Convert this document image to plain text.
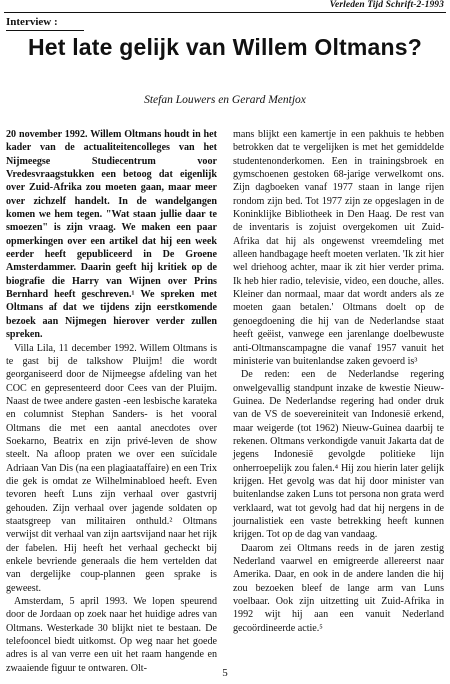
Verleden Tijd Schrift-2-1993
Interview :
Het late gelijk van Willem Oltmans?
Stefan Louwers en Gerard Mentjox

20 november 1992. Willem Oltmans houdt in het kader van de actualiteitencolleges van het Nijmeegse Studiecentrum voor Vredesvraagstukken een betoog dat eigenlijk over Zuid-Afrika zou moeten gaan, maar meer over zichzelf handelt. In de wandelgangen komen we hem tegen. "Wat staan jullie daar te smoezen" is zijn vraag. We maken een paar opmerkingen over een artikel dat hij een week eerder heeft gepubliceerd in De Groene Amsterdammer. Daarin geeft hij kritiek op de biografie die Harry van Wijnen over Prins Bernhard heeft geschreven.¹ We spreken met Oltmans af dat we tijdens zijn eerstkomende bezoek aan Nijmegen hierover verder zullen spreken.

Villa Lila, 11 december 1992. Willem Oltmans is te gast bij de talkshow Pluijm! die wordt georganiseerd door de Nijmeegse afdeling van het COC en gepresenteerd door Cees van der Pluijm. Naast de twee andere gasten -een lesbische karateka en columnist Stephan Sanders- is het vooral Oltmans die met een aantal anecdotes over Soekarno, Beatrix en zijn privé-leven de show steelt. Na afloop praten we over een suïcidale Adriaan Van Dis (na een plagiaataffaire) en een Trix die gek is omdat ze Wilhelminabloed heeft. Even tevoren heeft Luns zijn verhaal over gastvrij gehouden. Zijn verhaal over jagende soldaten op staatsgreep van militairen onthuld.² Oltmans verwijst dit verhaal van zijn aartsvijand naar het rijk der fabelen. Hij heeft het verhaal gecheckt bij enkele bevriende generaals die hem vertelden dat van dergelijke coup-plannen geen sprake is geweest.

Amsterdam, 5 april 1993. We lopen speurend door de Jordaan op zoek naar het huidige adres van Oltmans. Westerkade 30 blijkt niet te bestaan. De telefooncel biedt uitkomst. Op weg naar het goede adres is al van verre een uit het raam hangende en zwaaiende figuur te ontwaren. Olt-

mans blijkt een kamertje in een pakhuis te hebben betrokken dat te vergelijken is met het gemiddelde studentenonderkomen. Een in trainingsbroek en gymschoenen gestoken 68-jarige verwelkomt ons. Zijn dagboeken vanaf 1977 staan in lange rijen rondom zijn bed. Tot 1977 zijn ze opgeslagen in de Koninklijke Bibliotheek in Den Haag. De rest van de inventaris is zojuist overgekomen uit Zuid-Afrika dat hij als ongewenst vreemdeling met alleen handbagage heeft moeten verlaten. 'Ik zit hier wel driehoog achter, maar ik zit hier verder prima. Ik heb hier radio, televisie, video, een douche, alles. Kleiner dan normaal, maar dat wordt anders als ze moeten gaan betalen.' Oltmans doelt op de genoegdoening die hij van de Nederlandse staat heeft geëist, vanwege een jarenlange doelbewuste anti-Oltmanscampagne die vanaf 1957 vanuit het ministerie van buitenlandse zaken gevoerd is³

De reden: een de Nederlandse regering onwelgevallig standpunt inzake de kwestie Nieuw-Guinea. De Nederlandse regering had onder druk van de VS de soevereiniteit van Indonesië erkend, maar weigerde (tot 1962) Nieuw-Guinea daarbij te rekenen. Oltmans verkondigde vanuit Jakarta dat de jegens Indonesië gevolgde politieke lijn onherroepelijk zou falen.⁴ Hij zou hierin later gelijk krijgen. Het gevolg was dat hij door minister van buitenlandse zaken Luns tot persona non grata werd verklaard, wat tot gevolg had dat hij nergens in de journalistiek een vaste betrekking heeft kunnen krijgen. Tot op de dag van vandaag.

Daarom zei Oltmans reeds in de jaren zestig Nederland vaarwel en emigreerde allereerst naar Amerika. Daar, en ook in de andere landen die hij zou bezoeken bleef de lange arm van Luns voelbaar. Ook zijn uitzetting uit Zuid-Afrika in 1992 wijt hij aan een vanuit Nederland gecoördineerde actie.⁵

5
